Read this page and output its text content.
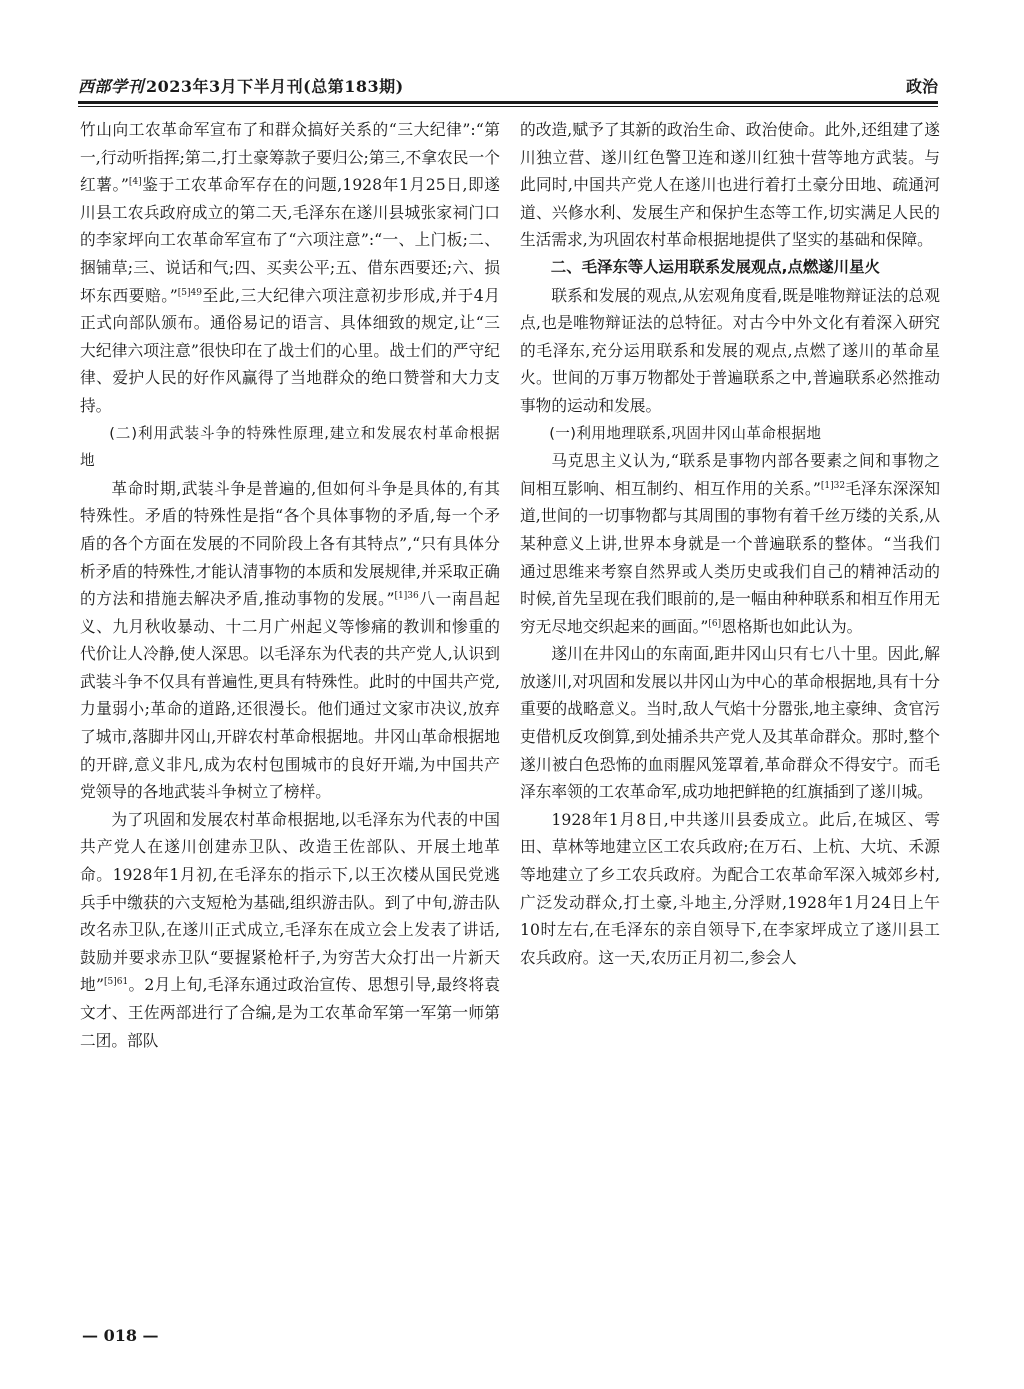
西部学刊 2023年3月下半月刊(总第183期)	政治

竹山向工农革命军宣布了和群众搞好关系的“三大纪律”:“第一,行动听指挥;第二,打土豪筹款子要归公;第三,不拿农民一个红薯。”[4]鉴于工农革命军存在的问题,1928年1月25日,即遂川县工农兵政府成立的第二天,毛泽东在遂川县城张家祠门口的李家坪向工农革命军宣布了“六项注意”:“一、上门板;二、捆铺草;三、说话和气;四、买卖公平;五、借东西要还;六、损坏东西要赔。”$^{[5]49}$至此,三大纪律六项注意初步形成,并于4月正式向部队颁布。通俗易记的语言、具体细致的规定,让“三大纪律六项注意”很快印在了战士们的心里。战士们的严守纪律、爱护人民的好作风赢得了当地群众的绝口赞誉和大力支持。

(二)利用武装斗争的特殊性原理,建立和发展农村革命根据地

革命时期,武装斗争是普遍的,但如何斗争是具体的,有其特殊性。矛盾的特殊性是指“各个具体事物的矛盾,每一个矛盾的各个方面在发展的不同阶段上各有其特点”,“只有具体分析矛盾的特殊性,才能认清事物的本质和发展规律,并采取正确的方法和措施去解决矛盾,推动事物的发展。”$^{[1]36}$八一南昌起义、九月秋收暴动、十二月广州起义等惨痛的教训和惨重的代价让人冷静,使人深思。以毛泽东为代表的共产党人,认识到武装斗争不仅具有普遍性,更具有特殊性。此时的中国共产党,力量弱小;革命的道路,还很漫长。他们通过文家市决议,放弃了城市,落脚井冈山,开辟农村革命根据地。井冈山革命根据地的开辟,意义非凡,成为农村包围城市的良好开端,为中国共产党领导的各地武装斗争树立了榜样。

为了巩固和发展农村革命根据地,以毛泽东为代表的中国共产党人在遂川创建赤卫队、改造王佐部队、开展土地革命。1928年1月初,在毛泽东的指示下,以王次楼从国民党逃兵手中缴获的六支短枪为基础,组织游击队。到了中旬,游击队改名赤卫队,在遂川正式成立,毛泽东在成立会上发表了讲话,鼓励并要求赤卫队“要握紧枪杆子,为穷苦大众打出一片新天地”$^{[5]61}$。2月上旬,毛泽东通过政治宣传、思想引导,最终将袁文才、王佐两部进行了合编,是为工农革命军第一军第一师第二团。部队

的改造,赋予了其新的政治生命、政治使命。此外,还组建了遂川独立营、遂川红色警卫连和遂川红独十营等地方武装。与此同时,中国共产党人在遂川也进行着打土豪分田地、疏通河道、兴修水利、发展生产和保护生态等工作,切实满足人民的生活需求,为巩固农村革命根据地提供了坚实的基础和保障。

二、毛泽东等人运用联系发展观点,点燃遂川星火

联系和发展的观点,从宏观角度看,既是唯物辩证法的总观点,也是唯物辩证法的总特征。对古今中外文化有着深入研究的毛泽东,充分运用联系和发展的观点,点燃了遂川的革命星火。世间的万事万物都处于普遍联系之中,普遍联系必然推动事物的运动和发展。

(一)利用地理联系,巩固井冈山革命根据地

马克思主义认为,“联系是事物内部各要素之间和事物之间相互影响、相互制约、相互作用的关系。”$^{[1]32}$毛泽东深深知道,世间的一切事物都与其周围的事物有着千丝万缕的关系,从某种意义上讲,世界本身就是一个普遍联系的整体。“当我们通过思维来考察自然界或人类历史或我们自己的精神活动的时候,首先呈现在我们眼前的,是一幅由种种联系和相互作用无穷无尽地交织起来的画面。”[6]恩格斯也如此认为。

遂川在井冈山的东南面,距井冈山只有七八十里。因此,解放遂川,对巩固和发展以井冈山为中心的革命根据地,具有十分重要的战略意义。当时,敌人气焰十分嚣张,地主豪绅、贪官污吏借机反攻倒算,到处捕杀共产党人及其革命群众。那时,整个遂川被白色恐怖的血雨腥风笼罩着,革命群众不得安宁。而毛泽东率领的工农革命军,成功地把鲜艳的红旗插到了遂川城。

1928年1月8日,中共遂川县委成立。此后,在城区、雩田、草林等地建立区工农兵政府;在万石、上杭、大坑、禾源等地建立了乡工农兵政府。为配合工农革命军深入城郊乡村,广泛发动群众,打土豪,斗地主,分浮财,1928年1月24日上午10时左右,在毛泽东的亲自领导下,在李家坪成立了遂川县工农兵政府。这一天,农历正月初二,参会人

— 018 —
